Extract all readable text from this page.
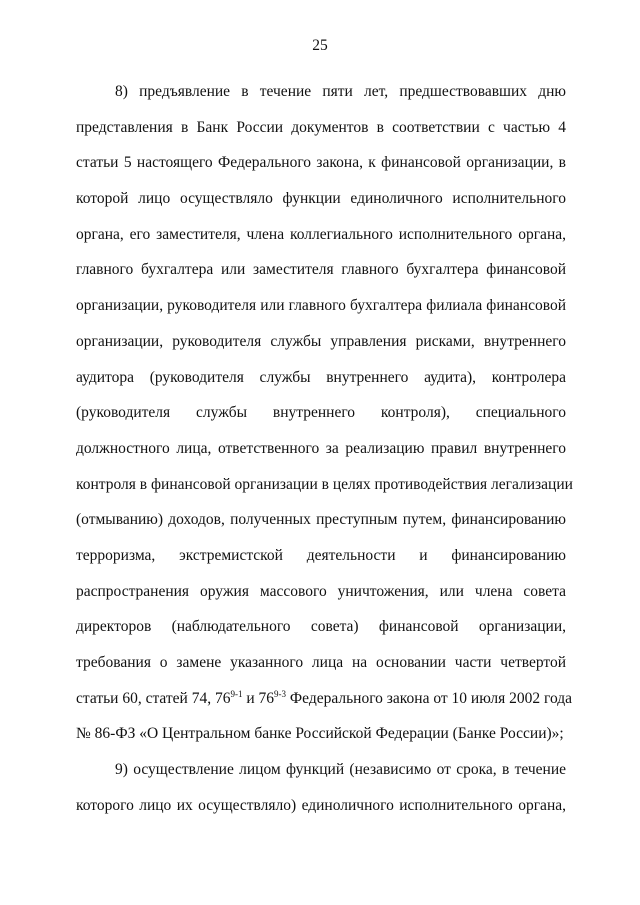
25
8) предъявление в течение пяти лет, предшествовавших дню
представления в Банк России документов в соответствии с частью 4
статьи 5 настоящего Федерального закона, к финансовой организации, в
которой лицо осуществляло функции единоличного исполнительного
органа, его заместителя, члена коллегиального исполнительного органа,
главного бухгалтера или заместителя главного бухгалтера финансовой
организации, руководителя или главного бухгалтера филиала финансовой
организации, руководителя службы управления рисками, внутреннего
аудитора (руководителя службы внутреннего аудита), контролера
(руководителя службы внутреннего контроля), специального
должностного лица, ответственного за реализацию правил внутреннего
контроля в финансовой организации в целях противодействия легализации
(отмыванию) доходов, полученных преступным путем, финансированию
терроризма, экстремистской деятельности и финансированию
распространения оружия массового уничтожения, или члена совета
директоров (наблюдательного совета) финансовой организации,
требования о замене указанного лица на основании части четвертой
статьи 60, статей 74, 76$^{9-1}$ и 76$^{9-3}$ Федерального закона от 10 июля 2002 года
№ 86-ФЗ «О Центральном банке Российской Федерации (Банке России)»;
9) осуществление лицом функций (независимо от срока, в течение
которого лицо их осуществляло) единоличного исполнительного органа,
